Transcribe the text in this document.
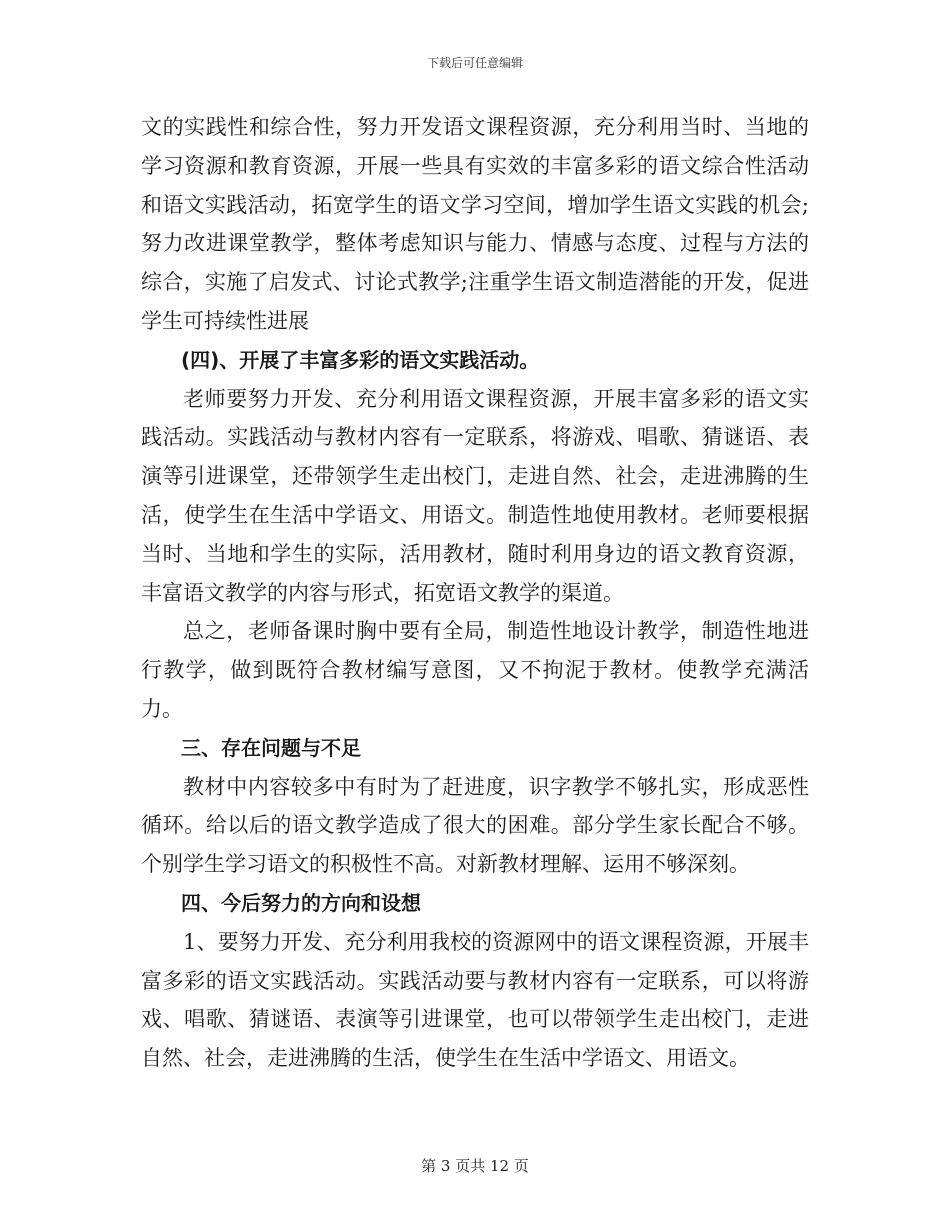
下载后可任意编辑

文的实践性和综合性，努力开发语文课程资源，充分利用当时、当地的学习资源和教育资源，开展一些具有实效的丰富多彩的语文综合性活动和语文实践活动，拓宽学生的语文学习空间，增加学生语文实践的机会;努力改进课堂教学，整体考虑知识与能力、情感与态度、过程与方法的综合，实施了启发式、讨论式教学;注重学生语文制造潜能的开发，促进学生可持续性进展

(四)、开展了丰富多彩的语文实践活动。

老师要努力开发、充分利用语文课程资源，开展丰富多彩的语文实践活动。实践活动与教材内容有一定联系，将游戏、唱歌、猜谜语、表演等引进课堂，还带领学生走出校门，走进自然、社会，走进沸腾的生活，使学生在生活中学语文、用语文。制造性地使用教材。老师要根据当时、当地和学生的实际，活用教材，随时利用身边的语文教育资源，丰富语文教学的内容与形式，拓宽语文教学的渠道。

总之，老师备课时胸中要有全局，制造性地设计教学，制造性地进行教学，做到既符合教材编写意图，又不拘泥于教材。使教学充满活力。

三、存在问题与不足

教材中内容较多中有时为了赶进度，识字教学不够扎实，形成恶性循环。给以后的语文教学造成了很大的困难。部分学生家长配合不够。个别学生学习语文的积极性不高。对新教材理解、运用不够深刻。

四、今后努力的方向和设想

1、要努力开发、充分利用我校的资源网中的语文课程资源，开展丰富多彩的语文实践活动。实践活动要与教材内容有一定联系，可以将游戏、唱歌、猜谜语、表演等引进课堂，也可以带领学生走出校门，走进自然、社会，走进沸腾的生活，使学生在生活中学语文、用语文。

第 3 页共 12 页
